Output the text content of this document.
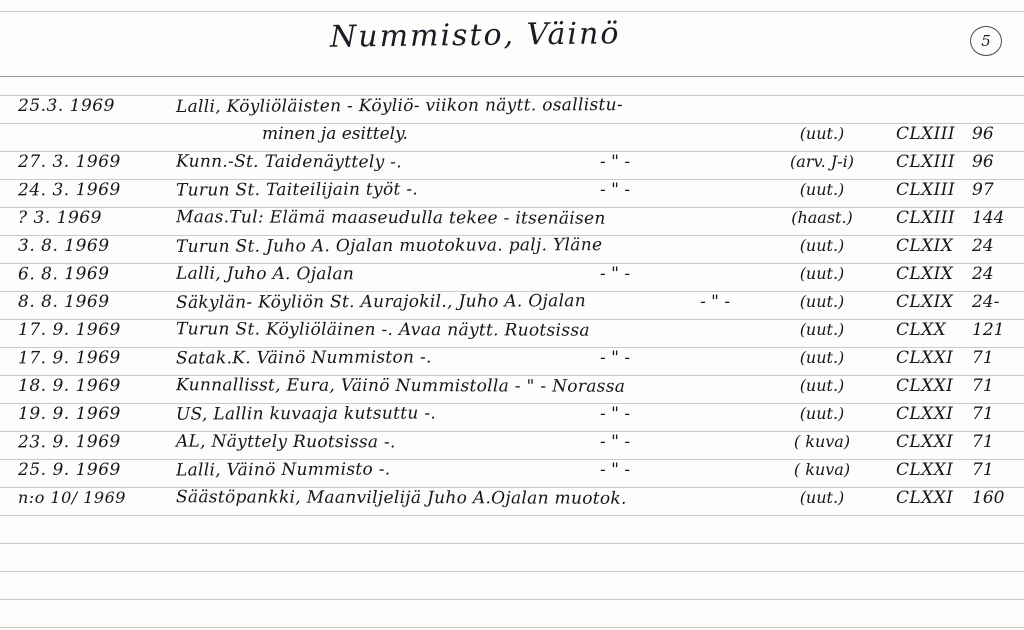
Nummisto, Väinö	5
25.3. 1969	Lalli, Köyliöläisten - Köyliö- viikon näytt. osallistu-
minen ja esittely.	(uut.)	CLXIII	96
27. 3. 1969	Kunn.-St. Taidenäyttely -.	- " -	(arv. J-i)	CLXIII	96
24. 3. 1969	Turun St. Taiteilijain työt -.	- " -	(uut.)	CLXIII	97
? 3. 1969	Maas.Tul: Elämä maaseudulla tekee - itsenäisen	(haast.)	CLXIII	144
3. 8. 1969	Turun St. Juho A. Ojalan muotokuva. palj. Yläne	(uut.)	CLXIX	24
6. 8. 1969	Lalli, Juho A. Ojalan	- " -	(uut.)	CLXIX	24
8. 8. 1969	Säkylän- Köyliön St. Aurajokil., Juho A. Ojalan	- " -	(uut.)	CLXIX	24-
17. 9. 1969	Turun St. Köyliöläinen -. Avaa näytt. Ruotsissa	(uut.)	CLXX	121
17. 9. 1969	Satak.K. Väinö Nummiston -.	- " -	(uut.)	CLXXI	71
18. 9. 1969	Kunnallisst, Eura, Väinö Nummistolla - " - Norassa	(uut.)	CLXXI	71
19. 9. 1969	US, Lallin kuvaaja kutsuttu -.	- " -	(uut.)	CLXXI	71
23. 9. 1969	AL, Näyttely Ruotsissa -.	- " -	( kuva)	CLXXI	71
25. 9. 1969	Lalli, Väinö Nummisto -.	- " -	( kuva)	CLXXI	71
n:o 10/ 1969	Säästöpankki, Maanviljelijä Juho A.Ojalan muotok.	(uut.)	CLXXI	160
